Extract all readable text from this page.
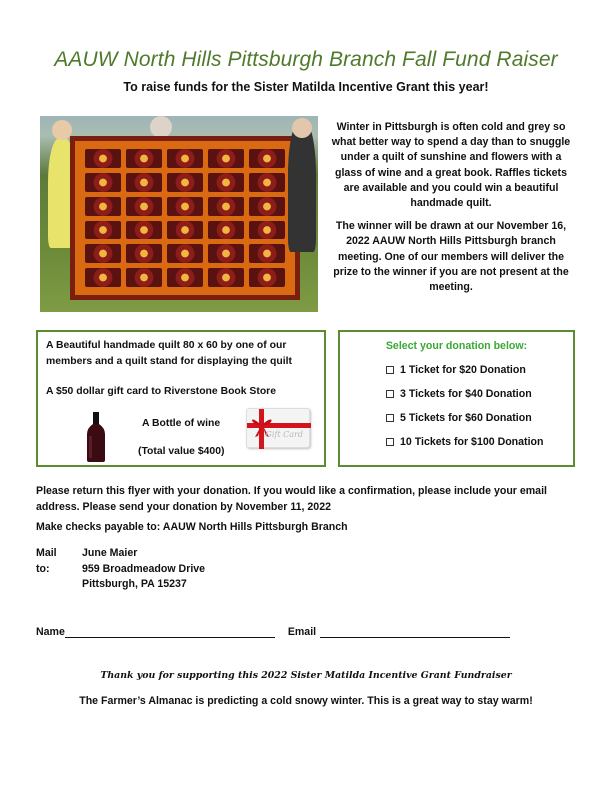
AAUW North Hills Pittsburgh Branch Fall Fund Raiser
To raise funds for the Sister Matilda Incentive Grant this year!

Winter in Pittsburgh is often cold and grey so what better way to spend a day than to snuggle under a quilt of sunshine and flowers with a glass of wine and a great book. Raffles tickets are available and you could win a beautiful handmade quilt.

The winner will be drawn at our November 16, 2022 AAUW North Hills Pittsburgh branch meeting. One of our members will deliver the prize to the winner if you are not present at the meeting.

A Beautiful handmade quilt 80 x 60 by one of our members and a quilt stand for displaying the quilt
A $50 dollar gift card to Riverstone Book Store
A Bottle of wine
Gift Card
(Total value $400)
Select your donation below:
1 Ticket for $20 Donation
3 Tickets for $40 Donation
5 Tickets for $60 Donation
10 Tickets for $100 Donation
Please return this flyer with your donation. If you would like a confirmation, please include your email address. Please send your donation by November 11, 2022
Make checks payable to: AAUW North Hills Pittsburgh Branch
Mail to:
June Maier
959 Broadmeadow Drive
Pittsburgh, PA 15237
Name	Email
Thank you for supporting this 2022 Sister Matilda Incentive Grant Fundraiser
The Farmer’s Almanac is predicting a cold snowy winter. This is a great way to stay warm!
